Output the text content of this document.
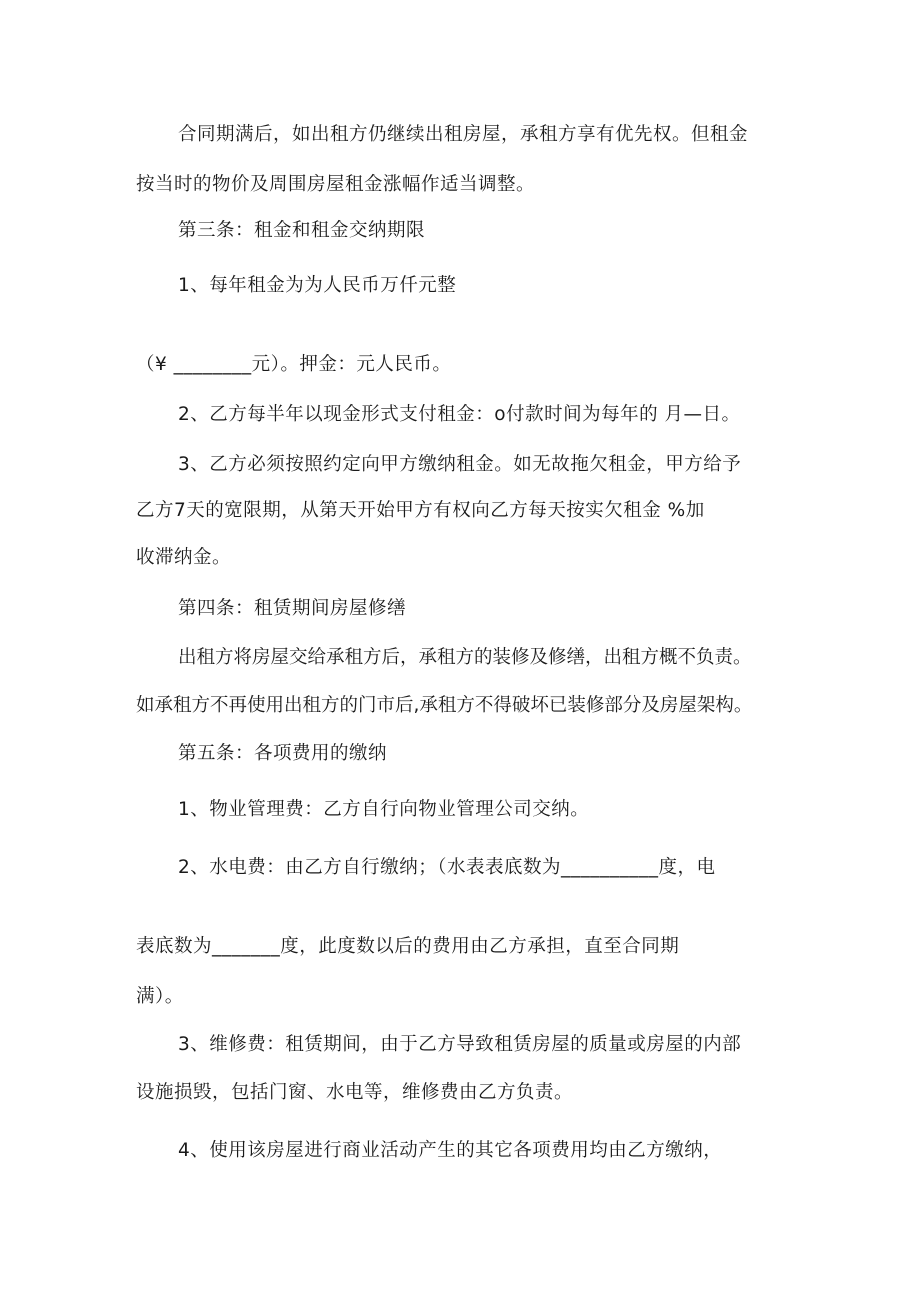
合同期满后，如出租方仍继续出租房屋，承租方享有优先权。但租金
按当时的物价及周围房屋租金涨幅作适当调整。
第三条：租金和租金交纳期限
1、每年租金为为人民币万仟元整
（¥ ________元）。押金：元人民币。
2、乙方每半年以现金形式支付租金：o付款时间为每年的 月—日。
3、乙方必须按照约定向甲方缴纳租金。如无故拖欠租金，甲方给予
乙方7天的宽限期，从第天开始甲方有权向乙方每天按实欠租金 %加
收滞纳金。
第四条：租赁期间房屋修缮
出租方将房屋交给承租方后，承租方的装修及修缮，出租方概不负责。
如承租方不再使用出租方的门市后,承租方不得破坏已装修部分及房屋架构。
第五条：各项费用的缴纳
1、物业管理费：乙方自行向物业管理公司交纳。
2、水电费：由乙方自行缴纳；（水表表底数为__________度，电
表底数为_______度，此度数以后的费用由乙方承担，直至合同期
满）。
3、维修费：租赁期间，由于乙方导致租赁房屋的质量或房屋的内部
设施损毁，包括门窗、水电等，维修费由乙方负责。
4、使用该房屋进行商业活动产生的其它各项费用均由乙方缴纳，
